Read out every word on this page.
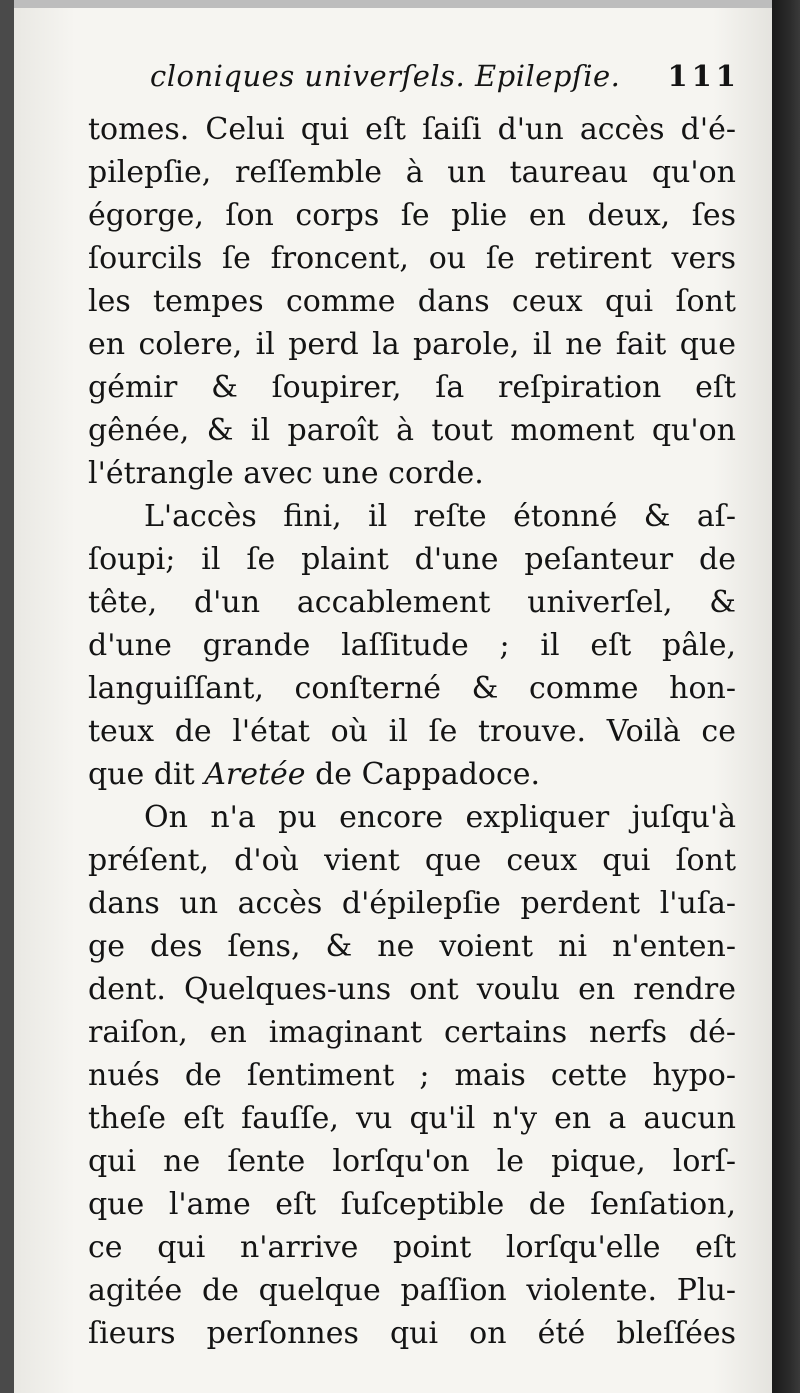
cloniques univerſels. Epilepſie. 111
tomes. Celui qui eſt ſaiſi d'un accès d'é-
pilepſie, reſſemble à un taureau qu'on
égorge, ſon corps ſe plie en deux, ſes
ſourcils ſe froncent, ou ſe retirent vers
les tempes comme dans ceux qui ſont
en colere, il perd la parole, il ne fait que
gémir & ſoupirer, ſa reſpiration eſt
gênée, & il paroît à tout moment qu'on
l'étrangle avec une corde.
L'accès fini, il reſte étonné & aſ-
ſoupi; il ſe plaint d'une peſanteur de
tête, d'un accablement univerſel, &
d'une grande laſſitude ; il eſt pâle,
languiſſant, conſterné & comme hon-
teux de l'état où il ſe trouve. Voilà ce
que dit Aretée de Cappadoce.
On n'a pu encore expliquer juſqu'à
préſent, d'où vient que ceux qui ſont
dans un accès d'épilepſie perdent l'uſa-
ge des ſens, & ne voient ni n'enten-
dent. Quelques-uns ont voulu en rendre
raiſon, en imaginant certains nerfs dé-
nués de ſentiment ; mais cette hypo-
theſe eſt fauſſe, vu qu'il n'y en a aucun
qui ne ſente lorſqu'on le pique, lorſ-
que l'ame eſt ſuſceptible de ſenſation,
ce qui n'arrive point lorſqu'elle eſt
agitée de quelque paſſion violente. Plu-
ſieurs perſonnes qui on été bleſſées
